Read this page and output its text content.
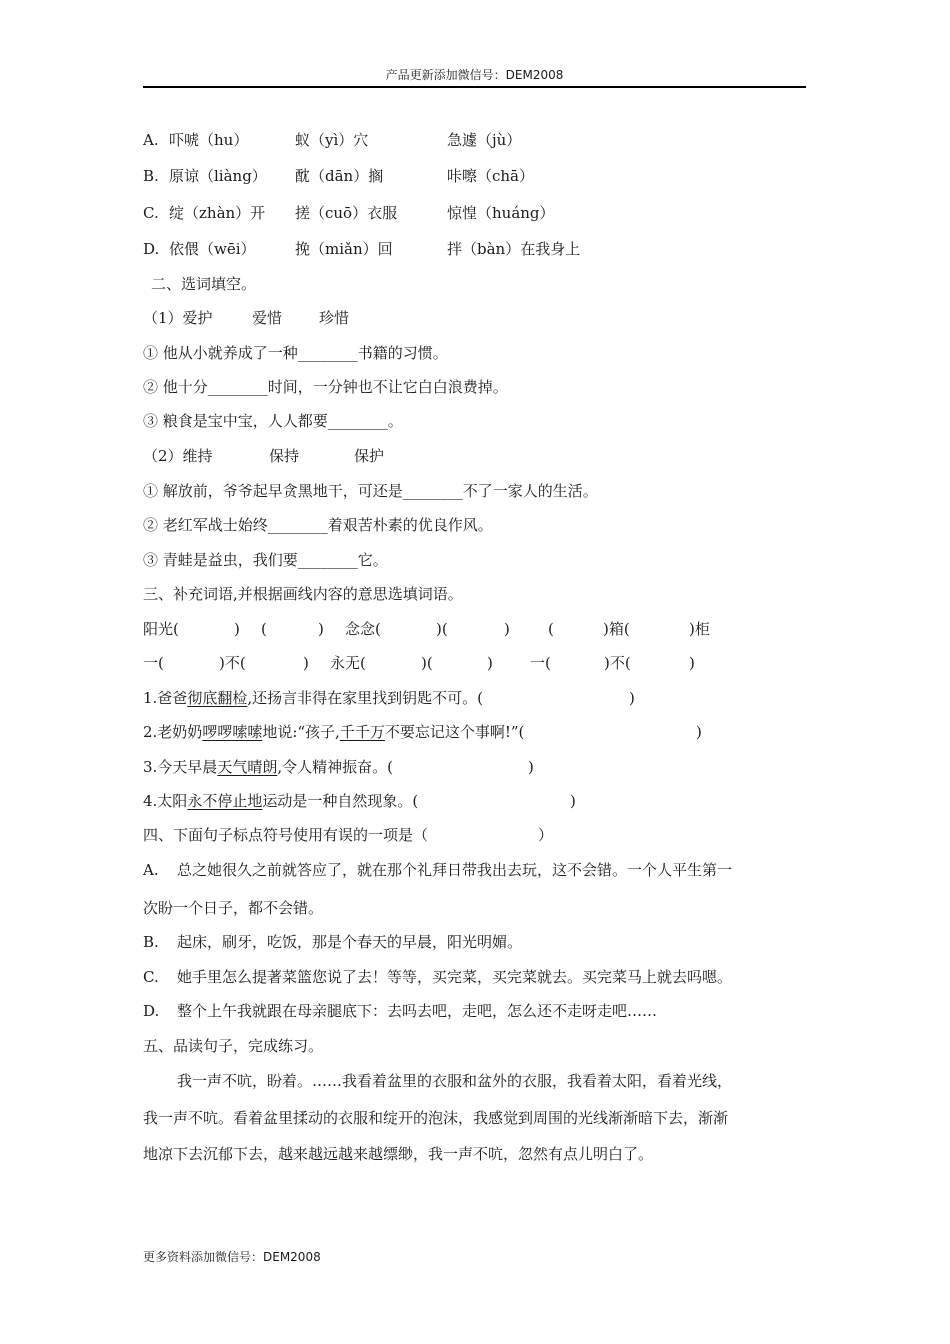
产品更新添加微信号：DEM2008
A. 吓唬（hu）	蚁（yì）穴	急遽（jù）
B. 原谅（liàng） 酖（dān）搁	咔嚓（chā）
C. 绽（zhàn）开 搓（cuō）衣服	惊惶（huáng）
D. 依偎（wēi）	挽（miǎn）回	拌（bàn）在我身上
二、选词填空。
（1）爱护	爱惜 珍惜
① 他从小就养成了一种________书籍的习惯。
② 他十分________时间，一分钟也不让它白白浪费掉。
③ 粮食是宝中宝，人人都要________。
（2）维持	保持	保护
① 解放前，爷爷起早贪黑地干，可还是________不了一家人的生活。
② 老红军战士始终________着艰苦朴素的优良作风。
③ 青蛙是益虫，我们要________它。
三、补充词语,并根据画线内容的意思选填词语。
阳光(	) (	) 念念(	)(	)	(	)箱(	)柜
一(	)不(	) 永无(	)(	) 一(	)不(	)
1.爸爸彻底翻检,还扬言非得在家里找到钥匙不可。(	)
2.老奶奶啰啰嗦嗦地说:“孩子,千千万不要忘记这个事啊!”(	)
3.今天早晨天气晴朗,令人精神振奋。(	)
4.太阳永不停止地运动是一种自然现象。(	)
四、下面句子标点符号使用有误的一项是（	）
A. 总之她很久之前就答应了，就在那个礼拜日带我出去玩，这不会错。一个人平生第一
次盼一个日子，都不会错。
B. 起床，刷牙，吃饭，那是个春天的早晨，阳光明媚。
C. 她手里怎么提著菜篮您说了去！等等，买完菜，买完菜就去。买完菜马上就去吗嗯。
D. 整个上午我就跟在母亲腿底下：去吗去吧，走吧，怎么还不走呀走吧……
五、品读句子，完成练习。
我一声不吭，盼着。……我看着盆里的衣服和盆外的衣服，我看着太阳，看着光线，
我一声不吭。看着盆里揉动的衣服和绽开的泡沫，我感觉到周围的光线渐渐暗下去，渐渐
地凉下去沉郁下去，越来越远越来越缥缈，我一声不吭，忽然有点儿明白了。
更多资料添加微信号：DEM2008
